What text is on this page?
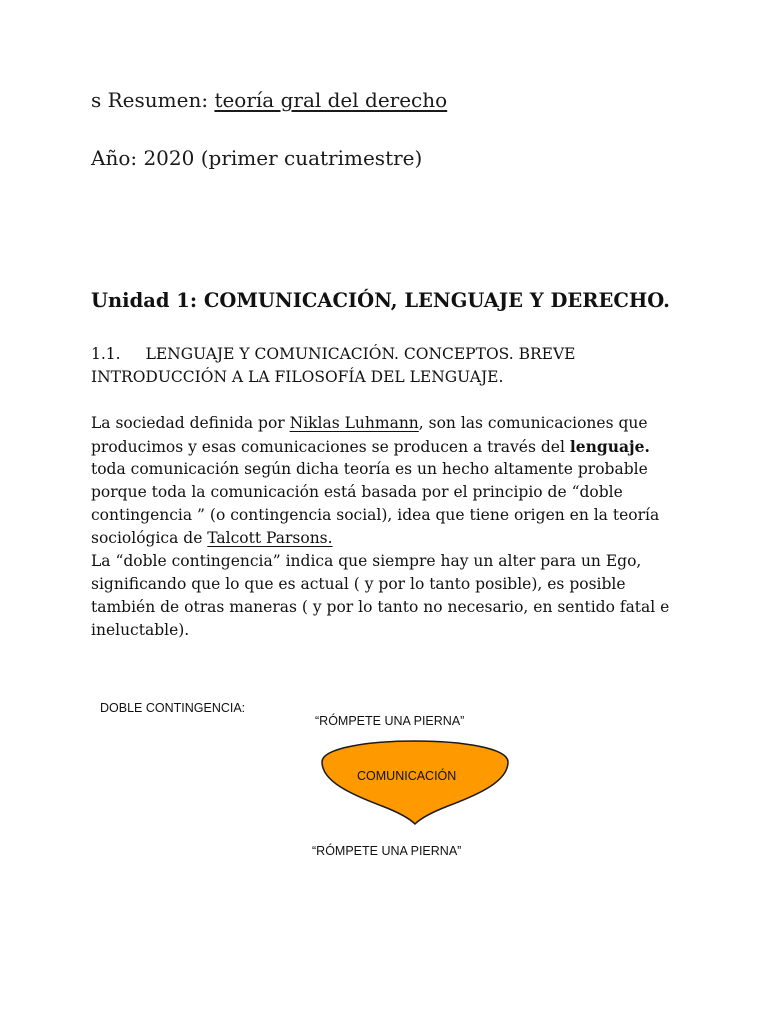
s Resumen: teoría gral del derecho
Año: 2020 (primer cuatrimestre)
Unidad 1: COMUNICACIÓN, LENGUAJE Y DERECHO.
1.1. LENGUAJE Y COMUNICACIÓN. CONCEPTOS. BREVE
INTRODUCCIÓN A LA FILOSOFÍA DEL LENGUAJE.
La sociedad definida por Niklas Luhmann, son las comunicaciones que
producimos y esas comunicaciones se producen a través del lenguaje.
toda comunicación según dicha teoría es un hecho altamente probable
porque toda la comunicación está basada por el principio de “doble
contingencia ” (o contingencia social), idea que tiene origen en la teoría
sociológica de Talcott Parsons.
La “doble contingencia” indica que siempre hay un alter para un Ego,
significando que lo que es actual ( y por lo tanto posible), es posible
también de otras maneras ( y por lo tanto no necesario, en sentido fatal e
ineluctable).
DOBLE CONTINGENCIA:
“RÓMPETE UNA PIERNA”
COMUNICACIÓN
“RÓMPETE UNA PIERNA”
